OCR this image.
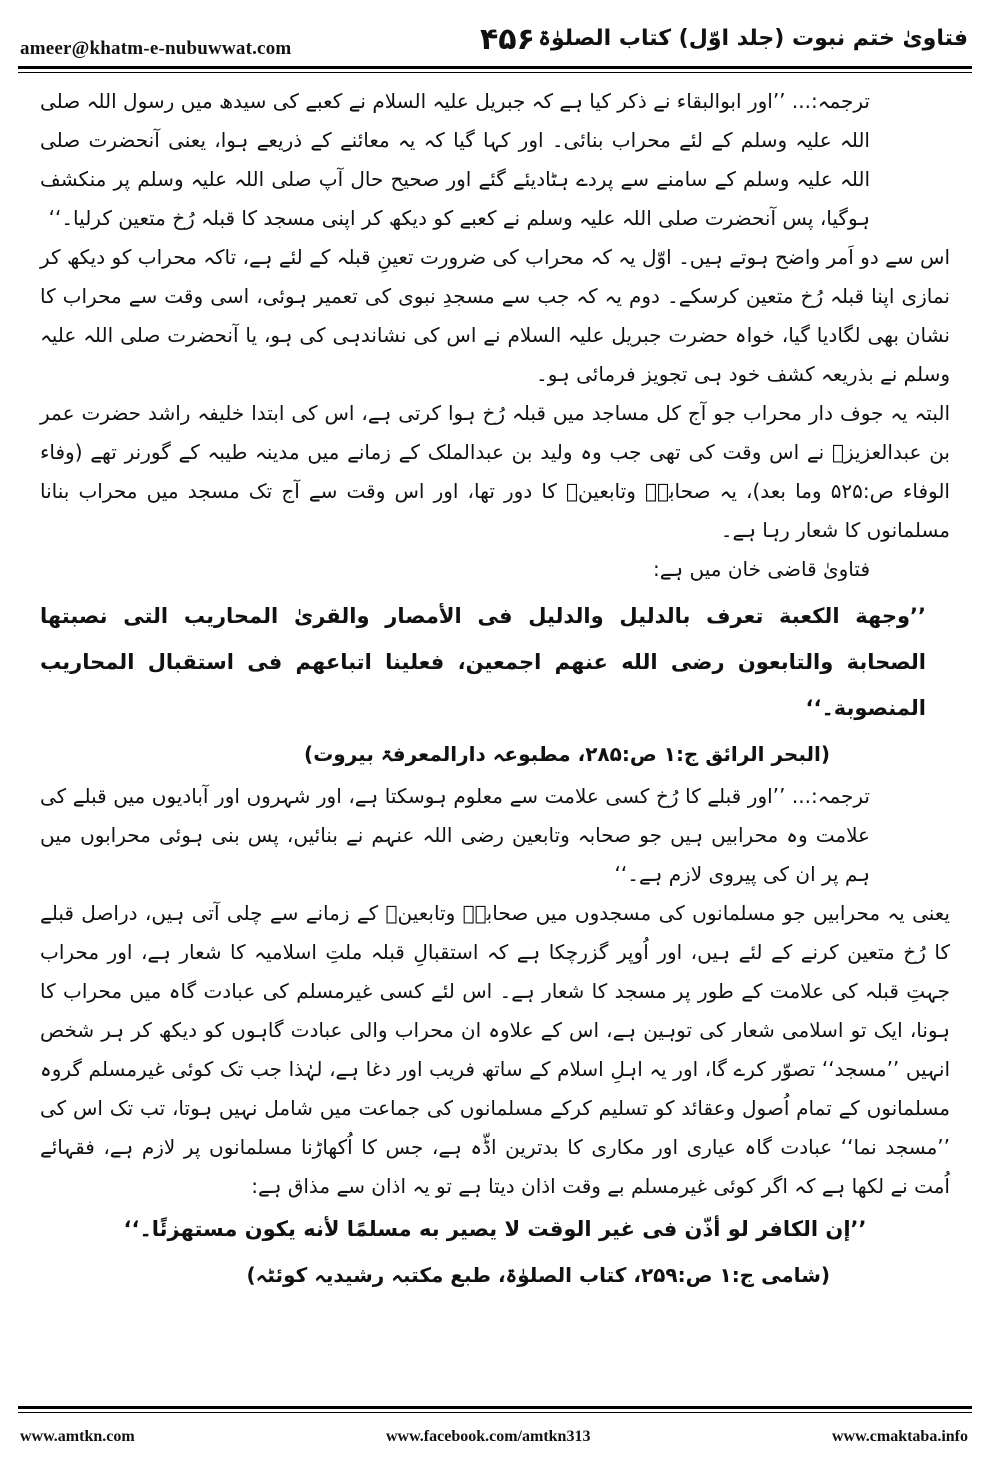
ameer@khatm-e-nubuwwat.com	۴۵۶ فتاویٰ ختم نبوت (جلد اوّل) کتاب الصلوٰۃ

ترجمہ:... ’’اور ابوالبقاء نے ذکر کیا ہے کہ جبریل علیہ السلام نے کعبے کی سیدھ میں رسول اللہ صلی اللہ علیہ وسلم کے لئے محراب بنائی۔ اور کہا گیا کہ یہ معائنے کے ذریعے ہوا، یعنی آنحضرت صلی اللہ علیہ وسلم کے سامنے سے پردے ہٹادیئے گئے اور صحیح حال آپ صلی اللہ علیہ وسلم پر منکشف ہوگیا، پس آنحضرت صلی اللہ علیہ وسلم نے کعبے کو دیکھ کر اپنی مسجد کا قبلہ رُخ متعین کرلیا۔‘‘

اس سے دو اَمر واضح ہوتے ہیں۔ اوّل یہ کہ محراب کی ضرورت تعینِ قبلہ کے لئے ہے، تاکہ محراب کو دیکھ کر نمازی اپنا قبلہ رُخ متعین کرسکے۔ دوم یہ کہ جب سے مسجدِ نبوی کی تعمیر ہوئی، اسی وقت سے محراب کا نشان بھی لگادیا گیا، خواہ حضرت جبریل علیہ السلام نے اس کی نشاندہی کی ہو، یا آنحضرت صلی اللہ علیہ وسلم نے بذریعہ کشف خود ہی تجویز فرمائی ہو۔

البتہ یہ جوف دار محراب جو آج کل مساجد میں قبلہ رُخ ہوا کرتی ہے، اس کی ابتدا خلیفہ راشد حضرت عمر بن عبدالعزیزؒ نے اس وقت کی تھی جب وہ ولید بن عبدالملک کے زمانے میں مدینہ طیبہ کے گورنر تھے (وفاء الوفاء ص:۵۲۵ وما بعد)، یہ صحابہؓ وتابعینؒ کا دور تھا، اور اس وقت سے آج تک مسجد میں محراب بنانا مسلمانوں کا شعار رہا ہے۔

فتاویٰ قاضی خان میں ہے:

’’وجهة الکعبة تعرف بالدلیل والدلیل فی الأمصار والقریٰ المحاریب التی نصبتها الصحابة والتابعون رضی الله عنهم اجمعین، فعلینا اتباعهم فی استقبال المحاریب المنصوبة۔‘‘

(البحر الرائق ج:۱ ص:۲۸۵، مطبوعہ دارالمعرفۃ بیروت)

ترجمہ:... ’’اور قبلے کا رُخ کسی علامت سے معلوم ہوسکتا ہے، اور شہروں اور آبادیوں میں قبلے کی علامت وہ محرابیں ہیں جو صحابہ وتابعین رضی اللہ عنہم نے بنائیں، پس بنی ہوئی محرابوں میں ہم پر ان کی پیروی لازم ہے۔‘‘

یعنی یہ محرابیں جو مسلمانوں کی مسجدوں میں صحابہؓ وتابعینؒ کے زمانے سے چلی آتی ہیں، دراصل قبلے کا رُخ متعین کرنے کے لئے ہیں، اور اُوپر گزرچکا ہے کہ استقبالِ قبلہ ملتِ اسلامیہ کا شعار ہے، اور محراب جہتِ قبلہ کی علامت کے طور پر مسجد کا شعار ہے۔ اس لئے کسی غیرمسلم کی عبادت گاہ میں محراب کا ہونا، ایک تو اسلامی شعار کی توہین ہے، اس کے علاوہ ان محراب والی عبادت گاہوں کو دیکھ کر ہر شخص انہیں ’’مسجد‘‘ تصوّر کرے گا، اور یہ اہلِ اسلام کے ساتھ فریب اور دغا ہے، لہٰذا جب تک کوئی غیرمسلم گروہ مسلمانوں کے تمام اُصول وعقائد کو تسلیم کرکے مسلمانوں کی جماعت میں شامل نہیں ہوتا، تب تک اس کی ’’مسجد نما‘‘ عبادت گاہ عیاری اور مکاری کا بدترین اڈّہ ہے، جس کا اُکھاڑنا مسلمانوں پر لازم ہے، فقہائے اُمت نے لکھا ہے کہ اگر کوئی غیرمسلم بے وقت اذان دیتا ہے تو یہ اذان سے مذاق ہے:

’’إن الکافر لو أذّن فی غیر الوقت لا یصیر به مسلمًا لأنه یکون مستهزئًا۔‘‘

(شامی ج:۱ ص:۲۵۹، کتاب الصلوٰۃ، طبع مکتبہ رشیدیہ کوئٹہ)

www.amtkn.com	www.facebook.com/amtkn313	www.cmaktaba.info
